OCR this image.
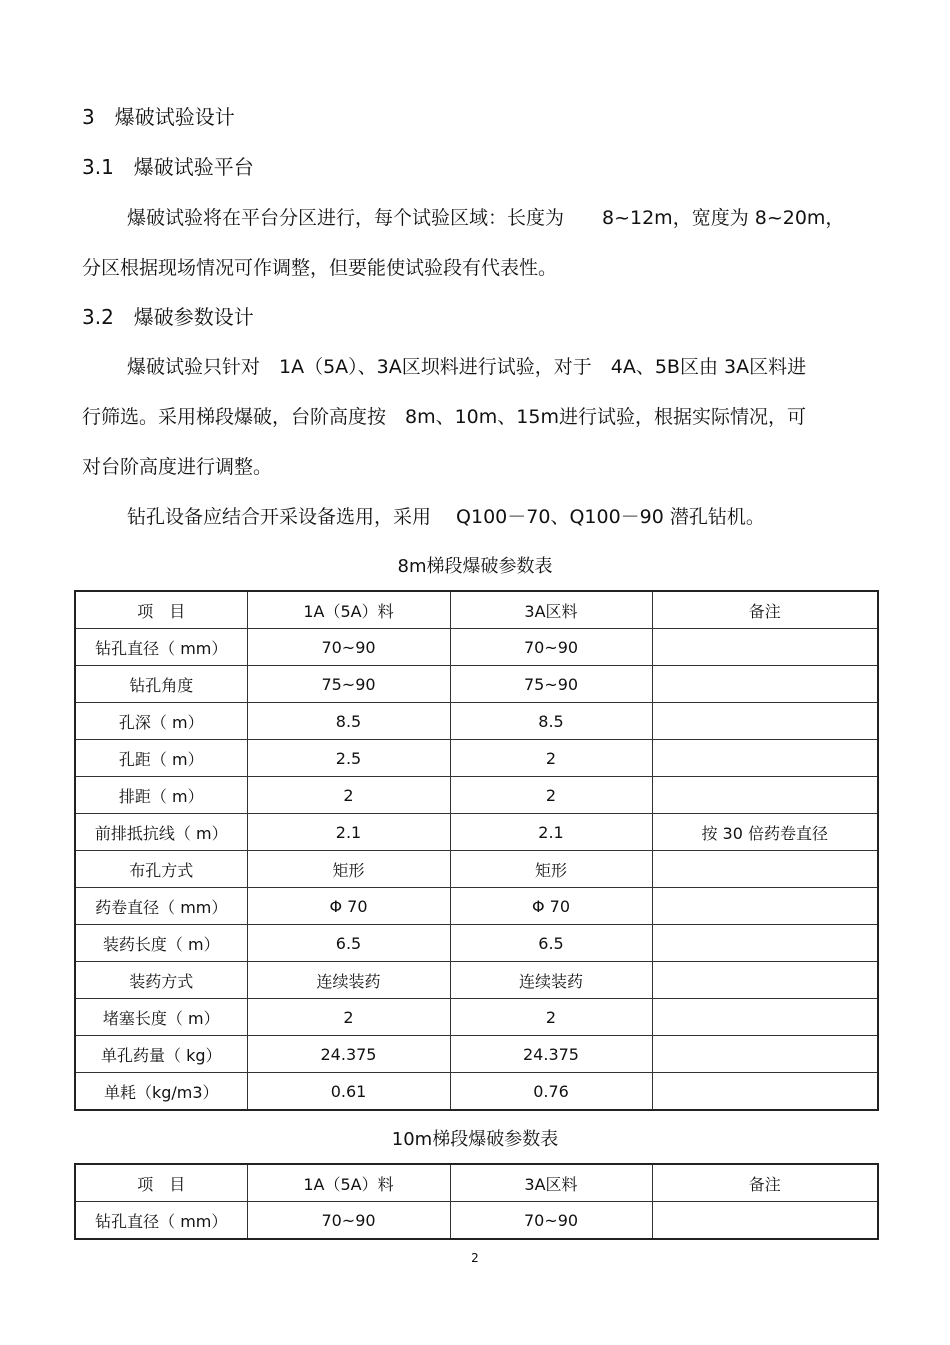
3　爆破试验设计
3.1　爆破试验平台
爆破试验将在平台分区进行，每个试验区域：长度为　　8~12m，宽度为 8~20m，
分区根据现场情况可作调整，但要能使试验段有代表性。
3.2　爆破参数设计
爆破试验只针对　1A（5A）、3A区坝料进行试验，对于　4A、5B区由 3A区料进
行筛选。采用梯段爆破，台阶高度按　8m、10m、15m进行试验，根据实际情况，可
对台阶高度进行调整。
钻孔设备应结合开采设备选用，采用　 Q100－70、Q100－90 潜孔钻机。
8m梯段爆破参数表
项　目	1A（5A）料	3A区料	备注
钻孔直径（ mm）	70~90	70~90	
钻孔角度	75~90	75~90	
孔深（ m）	8.5	8.5	
孔距（ m）	2.5	2	
排距（ m）	2	2	
前排抵抗线（ m）	2.1	2.1	按 30 倍药卷直径
布孔方式	矩形	矩形	
药卷直径（ mm）	Φ 70	Φ 70	
装药长度（ m）	6.5	6.5	
装药方式	连续装药	连续装药	
堵塞长度（ m）	2	2	
单孔药量（ kg）	24.375	24.375	
单耗（kg/m3）	0.61	0.76	
10m梯段爆破参数表
项　目	1A（5A）料	3A区料	备注
钻孔直径（ mm）	70~90	70~90	
2
